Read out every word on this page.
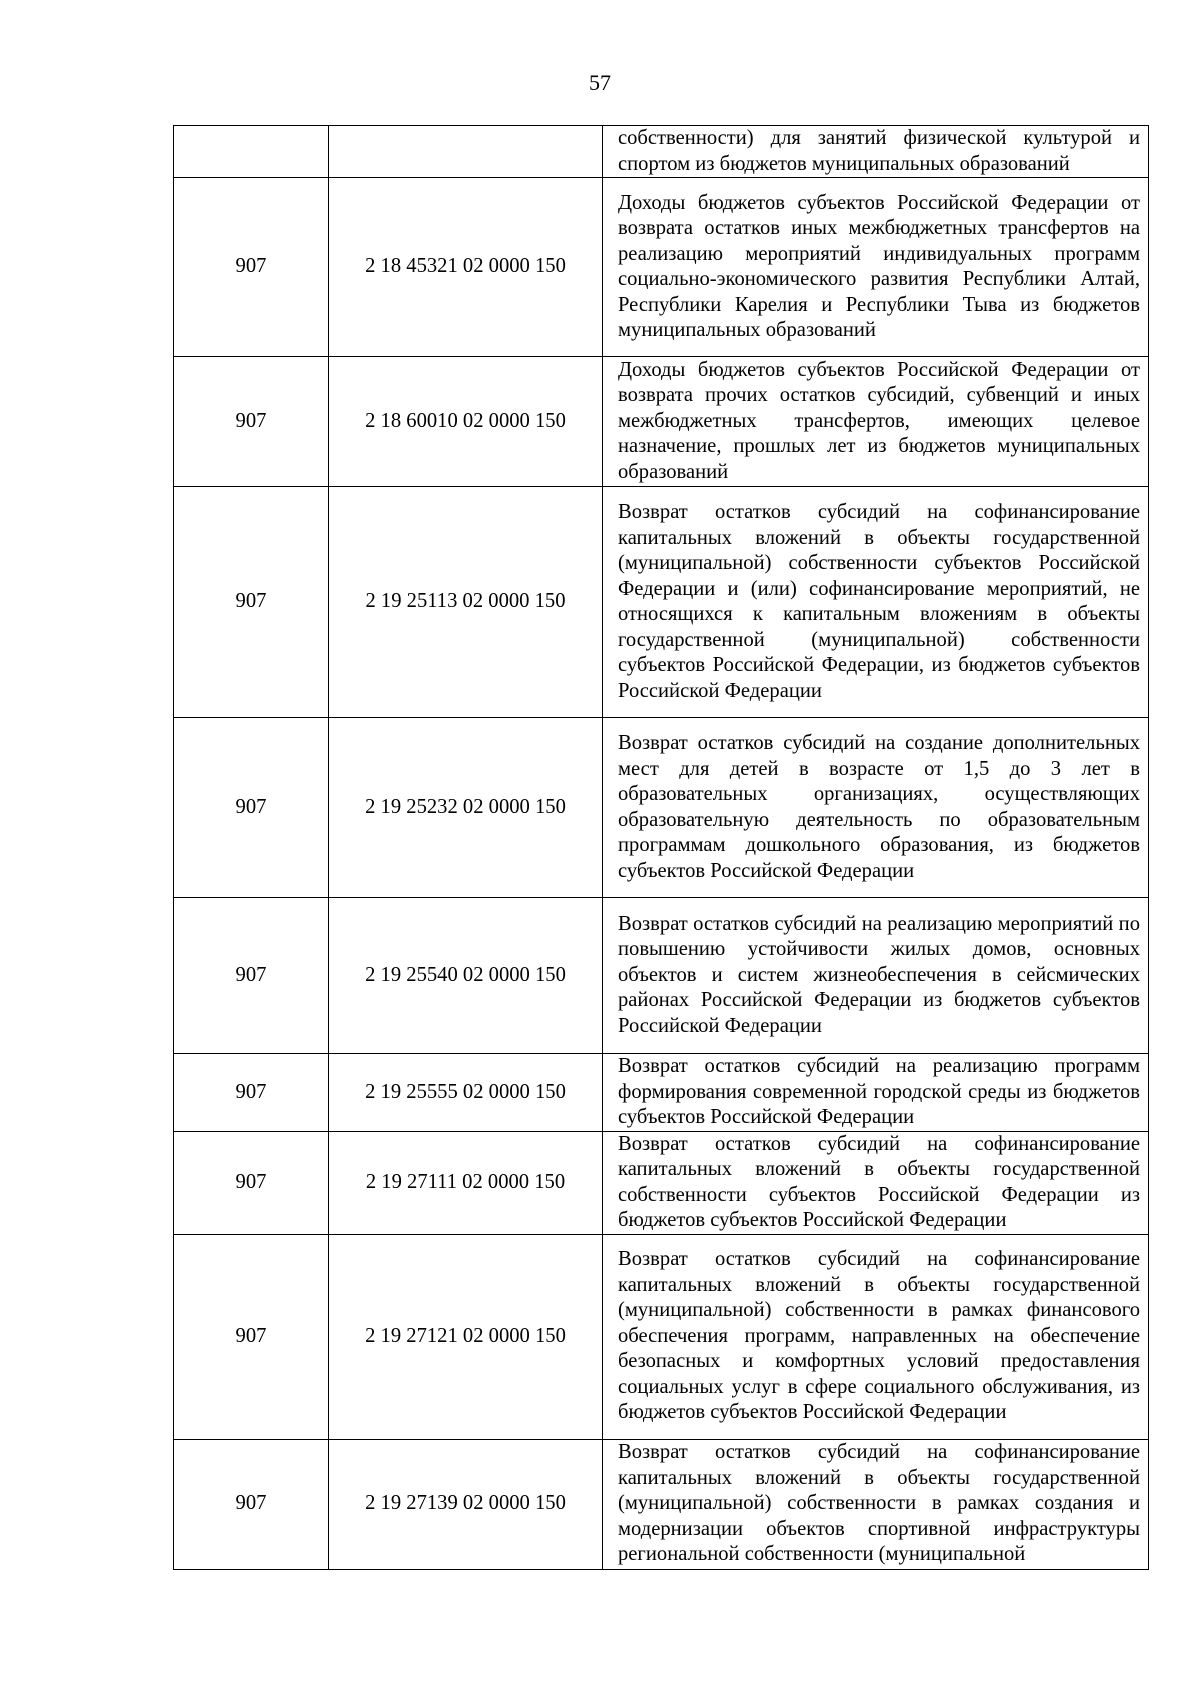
57
		собственности) для занятий физической культурой и спортом из бюджетов муниципальных образований
907	2 18 45321 02 0000 150	Доходы бюджетов субъектов Российской Федерации от возврата остатков иных межбюджетных трансфертов на реализацию мероприятий индивидуальных программ социально-экономического развития Республики Алтай, Республики Карелия и Республики Тыва из бюджетов муниципальных образований
907	2 18 60010 02 0000 150	Доходы бюджетов субъектов Российской Федерации от возврата прочих остатков субсидий, субвенций и иных межбюджетных трансфертов, имеющих целевое назначение, прошлых лет из бюджетов муниципальных образований
907	2 19 25113 02 0000 150	Возврат остатков субсидий на софинансирование капитальных вложений в объекты государственной (муниципальной) собственности субъектов Российской Федерации и (или) софинансирование мероприятий, не относящихся к капитальным вложениям в объекты государственной (муниципальной) собственности субъектов Российской Федерации, из бюджетов субъектов Российской Федерации
907	2 19 25232 02 0000 150	Возврат остатков субсидий на создание дополнительных мест для детей в возрасте от 1,5 до 3 лет в образовательных организациях, осуществляющих образовательную деятельность по образовательным программам дошкольного образования, из бюджетов субъектов Российской Федерации
907	2 19 25540 02 0000 150	Возврат остатков субсидий на реализацию мероприятий по повышению устойчивости жилых домов, основных объектов и систем жизнеобеспечения в сейсмических районах Российской Федерации из бюджетов субъектов Российской Федерации
907	2 19 25555 02 0000 150	Возврат остатков субсидий на реализацию программ формирования современной городской среды из бюджетов субъектов Российской Федерации
907	2 19 27111 02 0000 150	Возврат остатков субсидий на софинансирование капитальных вложений в объекты государственной собственности субъектов Российской Федерации из бюджетов субъектов Российской Федерации
907	2 19 27121 02 0000 150	Возврат остатков субсидий на софинансирование капитальных вложений в объекты государственной (муниципальной) собственности в рамках финансового обеспечения программ, направленных на обеспечение безопасных и комфортных условий предоставления социальных услуг в сфере социального обслуживания, из бюджетов субъектов Российской Федерации
907	2 19 27139 02 0000 150	Возврат остатков субсидий на софинансирование капитальных вложений в объекты государственной (муниципальной) собственности в рамках создания и модернизации объектов спортивной инфраструктуры региональной собственности (муниципальной
